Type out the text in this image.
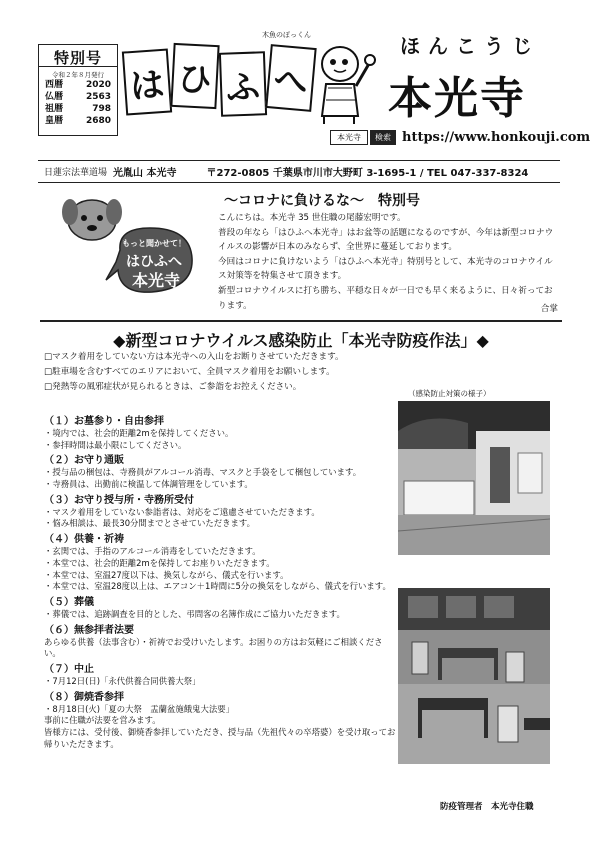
特別号
令和２年８月発行
西暦	2020
仏暦	2563
祖暦	798
皇暦	2680
は ひ ふ へ
木魚のぽっくん	ほんこうじ
本光寺
本光寺	検索 https://www.honkouji.com
日蓮宗法華道場 光胤山 本光寺	〒272-0805 千葉県市川市大野町 3-1695-1 / TEL 047-337-8324
もっと聞かせて！
はひふへ
本光寺
～コロナに負けるな～　特別号

こんにちは。本光寺 35 世住職の尾藤宏明です。

普段の年なら「はひふへ本光寺」はお盆等の話題になるのですが、今年は新型コロナウイルスの影響が日本のみならず、全世界に蔓延しております。

今回はコロナに負けないよう「はひふへ本光寺」特別号として、本光寺のコロナウイルス対策等を特集させて頂きます。

新型コロナウイルスに打ち勝ち、平穏な日々が一日でも早く来るように、日々祈っております。	合掌
◆新型コロナウイルス感染防止「本光寺防疫作法」◆
□マスク着用をしていない方は本光寺への入山をお断りさせていただきます。
□駐車場を含むすべてのエリアにおいて、全員マスク着用をお願いします。
□発熱等の風邪症状が見られるときは、ご参詣をお控えください。
（感染防止対策の様子）
（１）お墓参り・自由参拝

・境内では、社会的距離2mを保持してください。

・参拝時間は最小限にしてください。

（２）お守り通販

・授与品の梱包は、寺務員がアルコール消毒、マスクと手袋をして梱包しています。

・寺務員は、出勤前に検温して体調管理をしています。

（３）お守り授与所・寺務所受付

・マスク着用をしていない参詣者は、対応をご遠慮させていただきます。

・悩み相談は、最長30分間までとさせていただきます。

（４）供養・祈祷

・玄関では、手指のアルコール消毒をしていただきます。

・本堂では、社会的距離2mを保持してお座りいただきます。

・本堂では、室温27度以下は、換気しながら、儀式を行います。

・本堂では、室温28度以上は、エアコン＋1時間に5分の換気をしながら、儀式を行います。

（５）葬儀

・葬儀では、追跡調査を目的とした、弔問客の名簿作成にご協力いただきます。

（６）無参拝者法要

あらゆる供養（法事含む）・祈祷でお受けいたします。お困りの方はお気軽にご相談ください。

（７）中止

・7月12日(日)「永代供養合同供養大祭」

（８）御焼香参拝

・8月18日(火)「夏の大祭　盂蘭盆施餓鬼大法要」

事前に住職が法要を営みます。

皆様方には、受付後、御焼香参拝していただき、授与品（先祖代々の卒塔婆）を受け取ってお帰りいただきます。

防疫管理者　本光寺住職
